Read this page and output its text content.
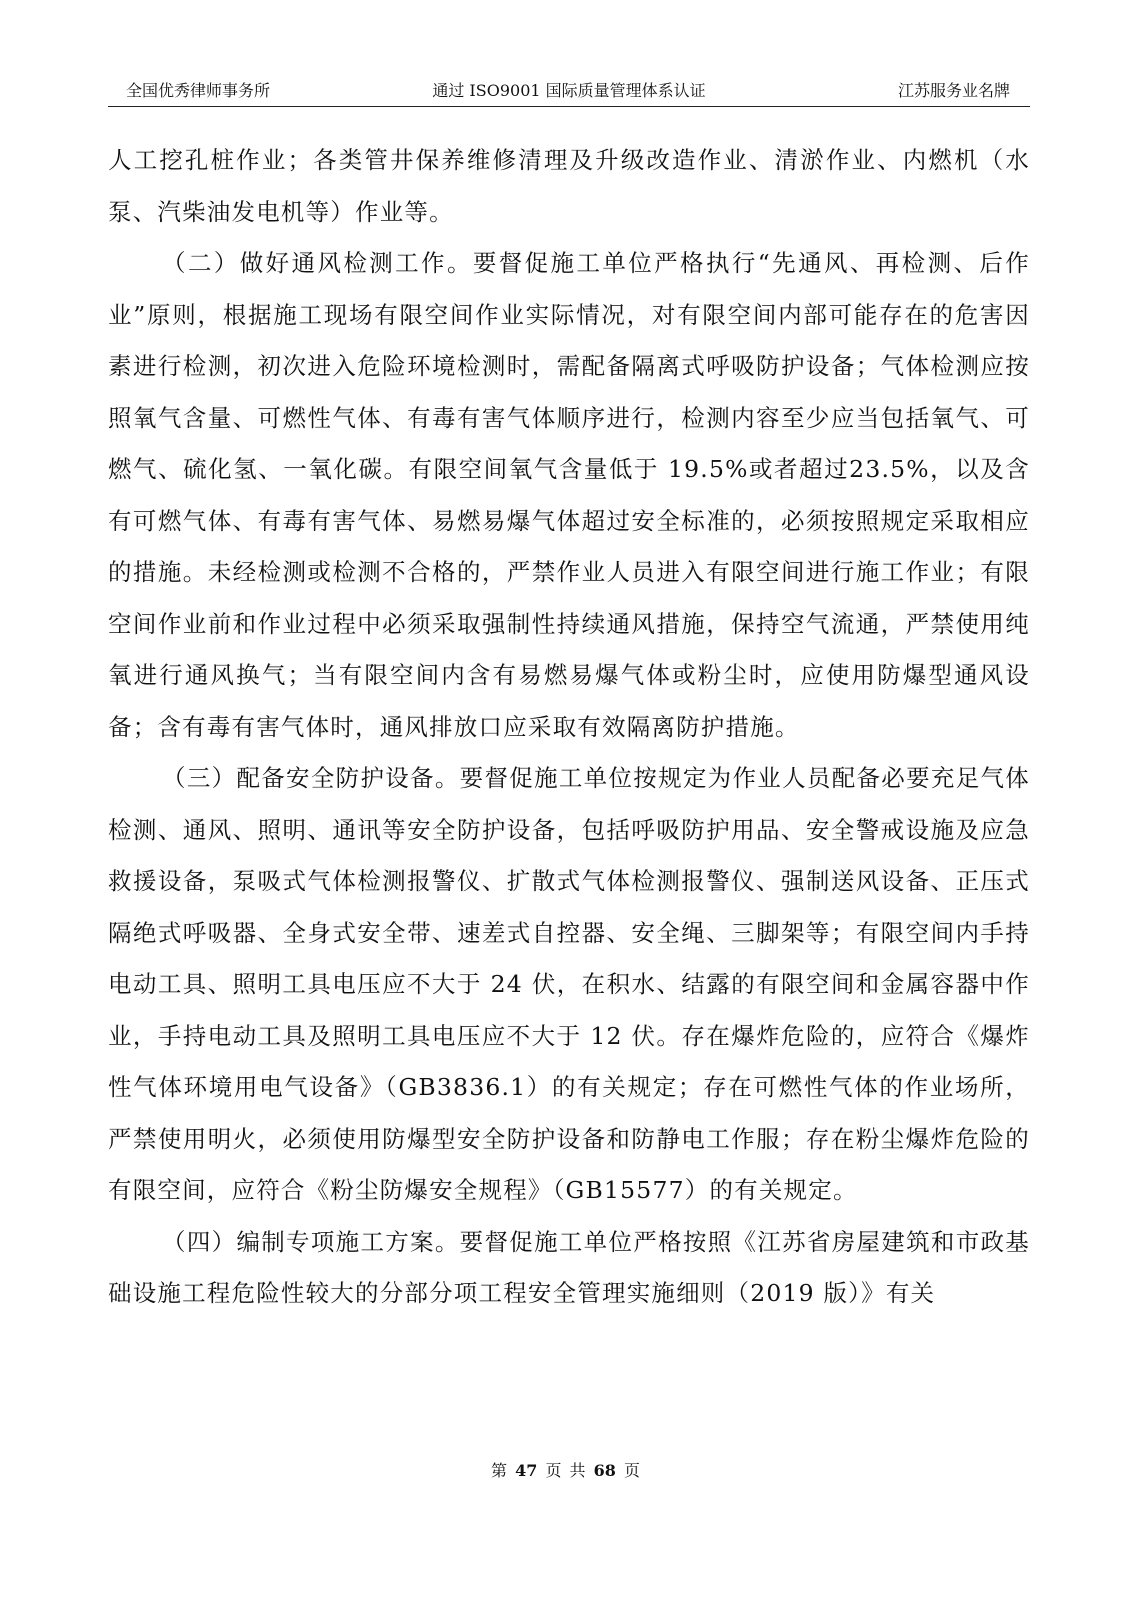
全国优秀律师事务所	通过 ISO9001 国际质量管理体系认证	江苏服务业名牌

人工挖孔桩作业；各类管井保养维修清理及升级改造作业、清淤作业、内燃机（水泵、汽柴油发电机等）作业等。

（二）做好通风检测工作。要督促施工单位严格执行“先通风、再检测、后作业”原则，根据施工现场有限空间作业实际情况，对有限空间内部可能存在的危害因素进行检测，初次进入危险环境检测时，需配备隔离式呼吸防护设备；气体检测应按照氧气含量、可燃性气体、有毒有害气体顺序进行，检测内容至少应当包括氧气、可燃气、硫化氢、一氧化碳。有限空间氧气含量低于 19.5%或者超过23.5%，以及含有可燃气体、有毒有害气体、易燃易爆气体超过安全标准的，必须按照规定采取相应的措施。未经检测或检测不合格的，严禁作业人员进入有限空间进行施工作业；有限空间作业前和作业过程中必须采取强制性持续通风措施，保持空气流通，严禁使用纯氧进行通风换气；当有限空间内含有易燃易爆气体或粉尘时，应使用防爆型通风设备；含有毒有害气体时，通风排放口应采取有效隔离防护措施。

（三）配备安全防护设备。要督促施工单位按规定为作业人员配备必要充足气体检测、通风、照明、通讯等安全防护设备，包括呼吸防护用品、安全警戒设施及应急救援设备，泵吸式气体检测报警仪、扩散式气体检测报警仪、强制送风设备、正压式隔绝式呼吸器、全身式安全带、速差式自控器、安全绳、三脚架等；有限空间内手持电动工具、照明工具电压应不大于 24 伏，在积水、结露的有限空间和金属容器中作业，手持电动工具及照明工具电压应不大于 12 伏。存在爆炸危险的，应符合《爆炸性气体环境用电气设备》（GB3836.1）的有关规定；存在可燃性气体的作业场所，严禁使用明火，必须使用防爆型安全防护设备和防静电工作服；存在粉尘爆炸危险的有限空间，应符合《粉尘防爆安全规程》（GB15577）的有关规定。

（四）编制专项施工方案。要督促施工单位严格按照《江苏省房屋建筑和市政基础设施工程危险性较大的分部分项工程安全管理实施细则（2019 版）》有关

第 47 页 共 68 页
